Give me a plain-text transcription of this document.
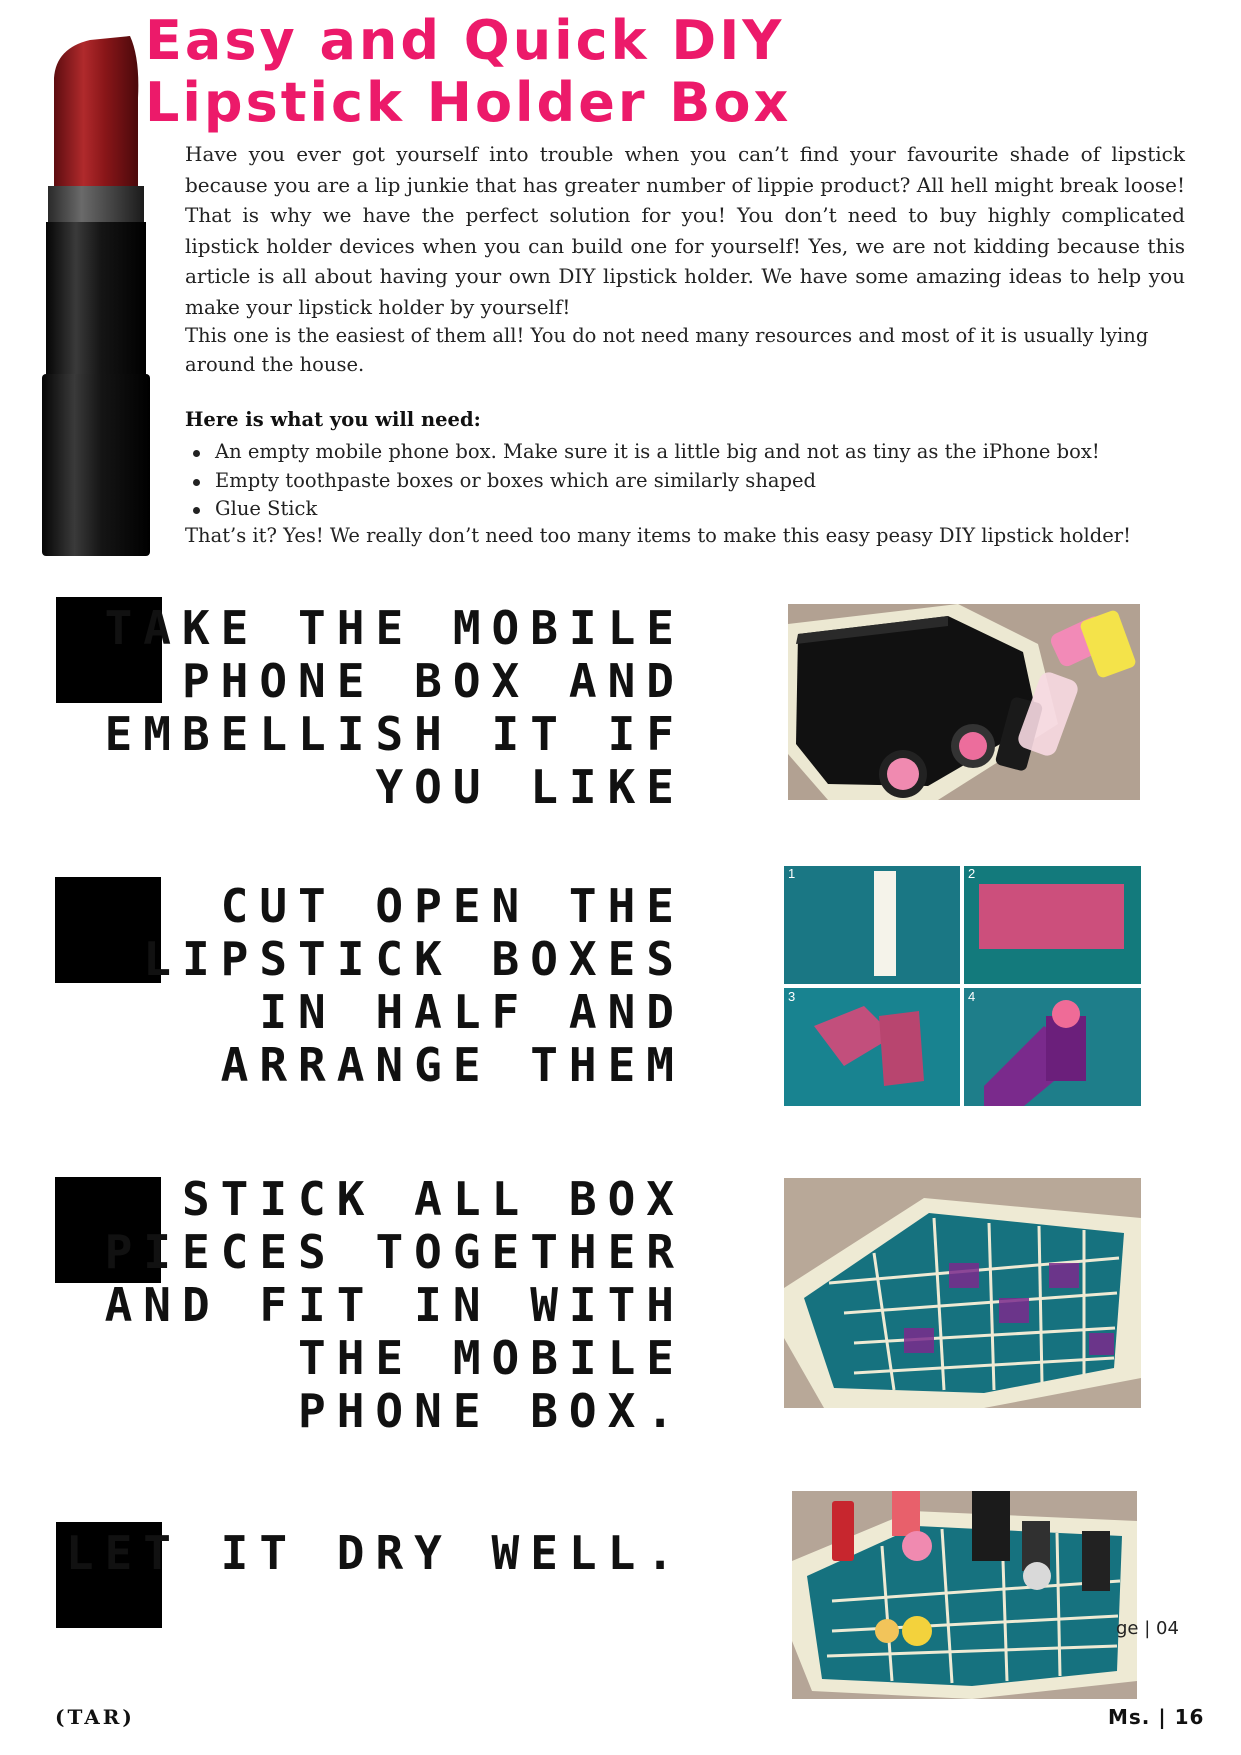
Easy and Quick DIY
Lipstick Holder Box

Have you ever got yourself into trouble when you can’t find your favourite shade of lipstick because you are a lip junkie that has greater number of lippie product? All hell might break loose! That is why we have the perfect solution for you! You don’t need to buy highly complicated lipstick holder devices when you can build one for yourself! Yes, we are not kidding because this article is all about having your own DIY lipstick holder. We have some amazing ideas to help you make your lipstick holder by yourself!

This one is the easiest of them all! You do not need many resources and most of it is usually lying around the house.

Here is what you will need:

An empty mobile phone box. Make sure it is a little big and not as tiny as the iPhone box!
Empty toothpaste boxes or boxes which are similarly shaped
Glue Stick

That’s it? Yes! We really don’t need too many items to make this easy peasy DIY lipstick holder!

TAKE THE MOBILE
PHONE BOX AND
EMBELLISH IT IF
YOU LIKE

CUT OPEN THE
LIPSTICK BOXES
IN HALF AND
ARRANGE THEM

STICK ALL BOX
PIECES TOGETHER
AND FIT IN WITH
THE MOBILE
PHONE BOX.

LET IT DRY WELL.

1	2
3	4
ge | 04
(TAR)	Ms. | 16
